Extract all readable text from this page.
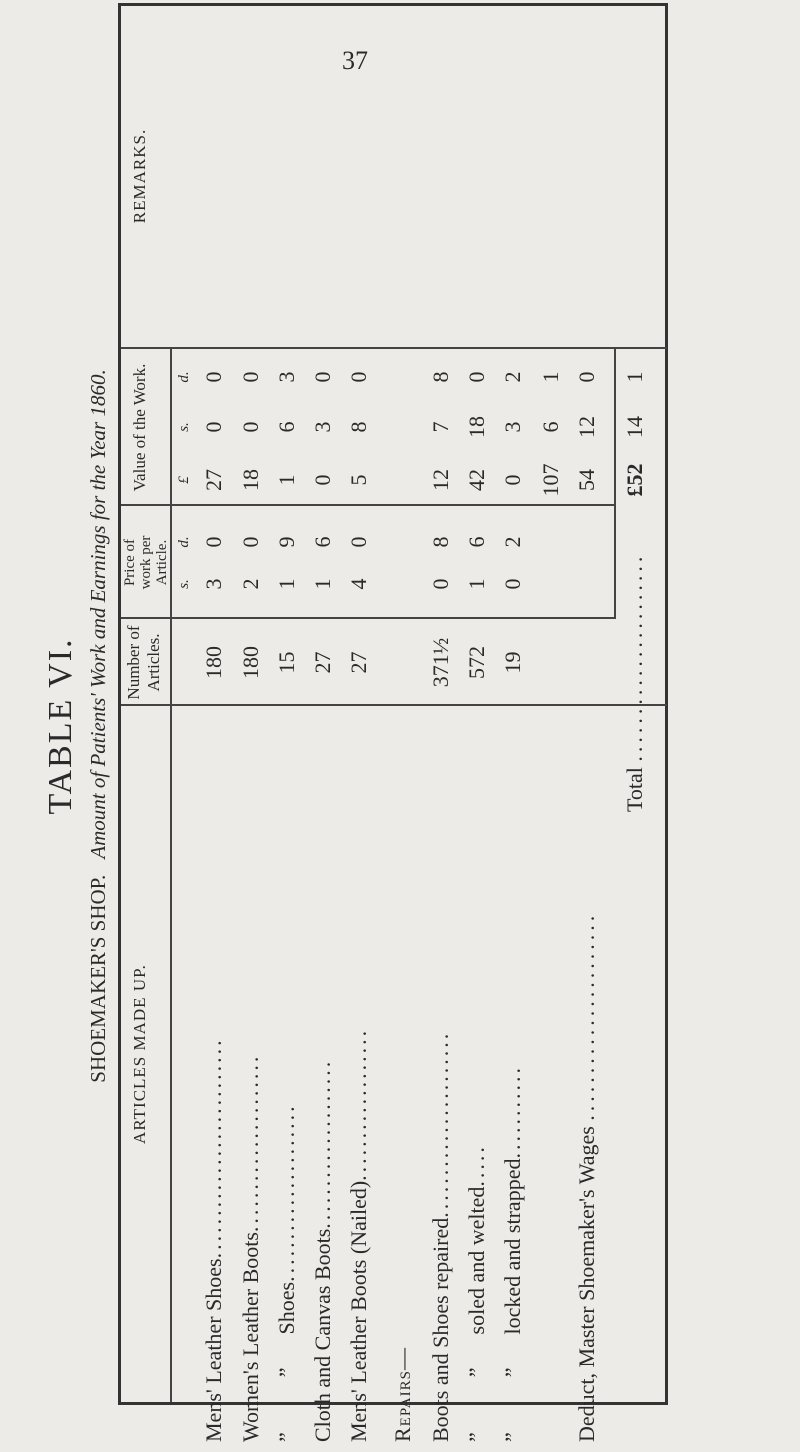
37
TABLE VI.
SHOEMAKER'S SHOP.Amount of Patients' Work and Earnings for the Year 1860.
ARTICLES MADE UP.
Number of Articles.
Price of work per Article.
Value of the Work.
REMARKS.
s.
d.
£
s.
d.
Mens' Leather Shoes..........................
180
3
0
27
0
0
Women's Leather Boots.....................
180
2
0
18
0
0
”          ”      Shoes.....................
15
1
9
1
6
3
Cloth and Canvas Boots....................
27
1
6
0
3
0
Mens' Leather Boots (Nailed)..................
27
4
0
5
8
0
Repairs— Boots and Shoes repaired......................
371½
0
8
12
7
8
”          ”      soled and welted.....
572
1
6
42
18
0
”          ”      locked and strapped...........
19
0
2
0
3
2
107
6
1
Deduct, Master Shoemaker's Wages ......................
54
12
0
Total ......................
£52
14
1
